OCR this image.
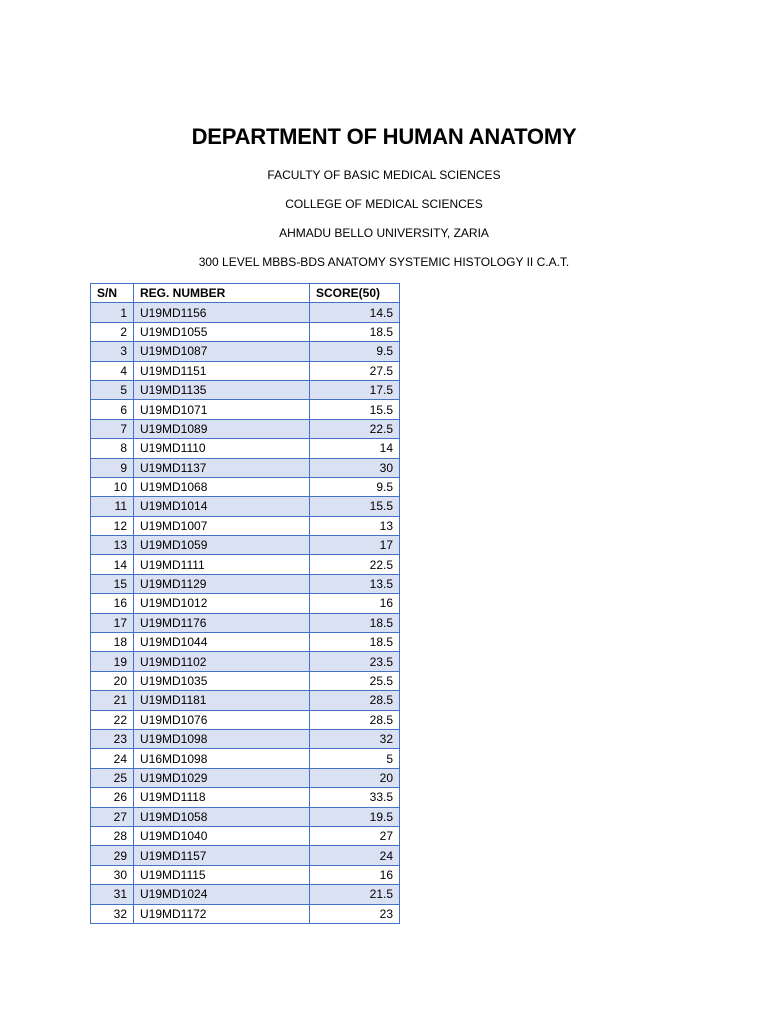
DEPARTMENT OF HUMAN ANATOMY

FACULTY OF BASIC MEDICAL SCIENCES

COLLEGE OF MEDICAL SCIENCES

AHMADU BELLO UNIVERSITY, ZARIA

300 LEVEL MBBS-BDS ANATOMY SYSTEMIC HISTOLOGY II C.A.T.

S/N	REG. NUMBER	SCORE(50)
1	U19MD1156	14.5
2	U19MD1055	18.5
3	U19MD1087	9.5
4	U19MD1151	27.5
5	U19MD1135	17.5
6	U19MD1071	15.5
7	U19MD1089	22.5
8	U19MD1110	14
9	U19MD1137	30
10	U19MD1068	9.5
11	U19MD1014	15.5
12	U19MD1007	13
13	U19MD1059	17
14	U19MD1111	22.5
15	U19MD1129	13.5
16	U19MD1012	16
17	U19MD1176	18.5
18	U19MD1044	18.5
19	U19MD1102	23.5
20	U19MD1035	25.5
21	U19MD1181	28.5
22	U19MD1076	28.5
23	U19MD1098	32
24	U16MD1098	5
25	U19MD1029	20
26	U19MD1118	33.5
27	U19MD1058	19.5
28	U19MD1040	27
29	U19MD1157	24
30	U19MD1115	16
31	U19MD1024	21.5
32	U19MD1172	23
